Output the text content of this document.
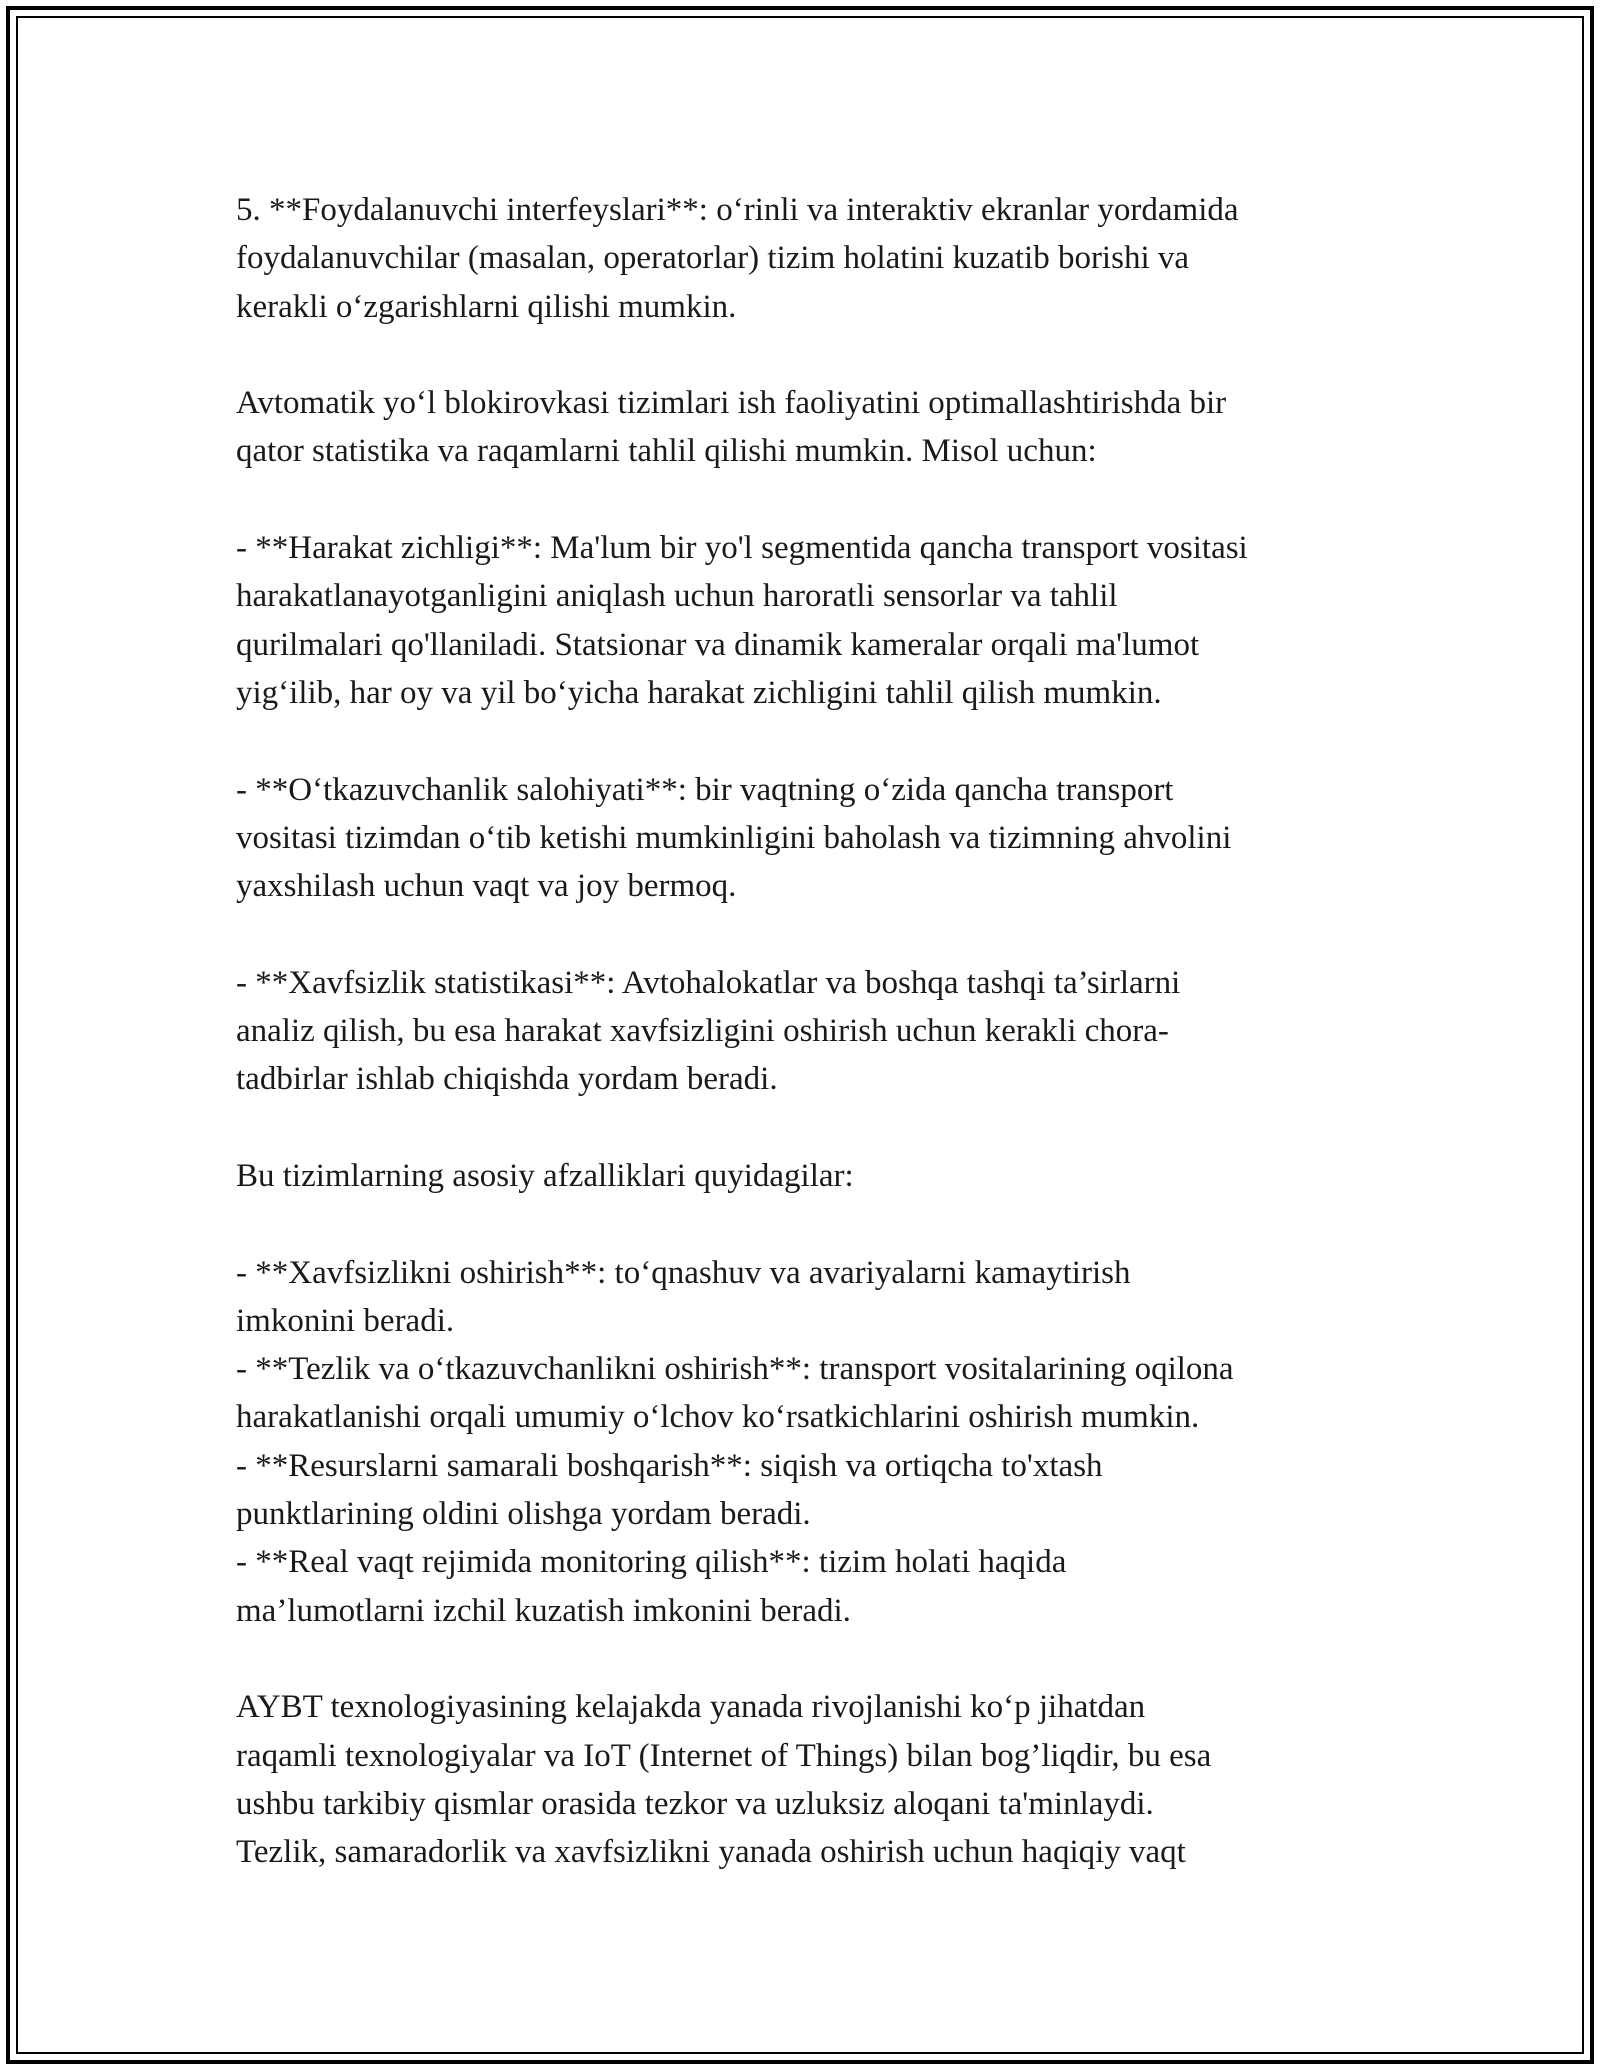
5. **Foydalanuvchi interfeyslari**: o‘rinli va interaktiv ekranlar yordamida
foydalanuvchilar (masalan, operatorlar) tizim holatini kuzatib borishi va
kerakli o‘zgarishlarni qilishi mumkin.

Avtomatik yo‘l blokirovkasi tizimlari ish faoliyatini optimallashtirishda bir
qator statistika va raqamlarni tahlil qilishi mumkin. Misol uchun:

- **Harakat zichligi**: Ma'lum bir yo'l segmentida qancha transport vositasi
harakatlanayotganligini aniqlash uchun haroratli sensorlar va tahlil
qurilmalari qo'llaniladi. Statsionar va dinamik kameralar orqali ma'lumot
yig‘ilib, har oy va yil bo‘yicha harakat zichligini tahlil qilish mumkin.

- **O‘tkazuvchanlik salohiyati**: bir vaqtning o‘zida qancha transport
vositasi tizimdan o‘tib ketishi mumkinligini baholash va tizimning ahvolini
yaxshilash uchun vaqt va joy bermoq.

- **Xavfsizlik statistikasi**: Avtohalokatlar va boshqa tashqi ta’sirlarni
analiz qilish, bu esa harakat xavfsizligini oshirish uchun kerakli chora-
tadbirlar ishlab chiqishda yordam beradi.

Bu tizimlarning asosiy afzalliklari quyidagilar:

- **Xavfsizlikni oshirish**: to‘qnashuv va avariyalarni kamaytirish
imkonini beradi.
- **Tezlik va o‘tkazuvchanlikni oshirish**: transport vositalarining oqilona
harakatlanishi orqali umumiy o‘lchov ko‘rsatkichlarini oshirish mumkin.
- **Resurslarni samarali boshqarish**: siqish va ortiqcha to'xtash
punktlarining oldini olishga yordam beradi.
- **Real vaqt rejimida monitoring qilish**: tizim holati haqida
ma’lumotlarni izchil kuzatish imkonini beradi.

AYBT texnologiyasining kelajakda yanada rivojlanishi ko‘p jihatdan
raqamli texnologiyalar va IoT (Internet of Things) bilan bog’liqdir, bu esa
ushbu tarkibiy qismlar orasida tezkor va uzluksiz aloqani ta'minlaydi.
Tezlik, samaradorlik va xavfsizlikni yanada oshirish uchun haqiqiy vaqt
